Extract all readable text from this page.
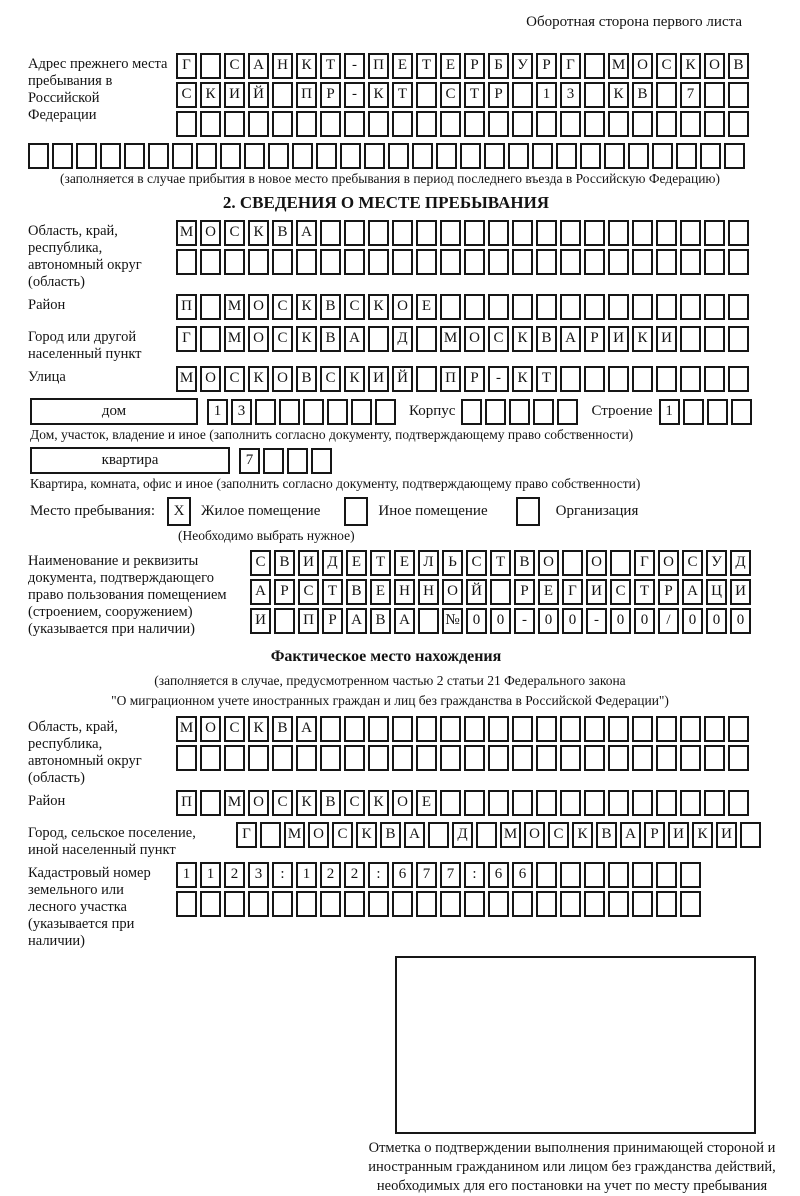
Оборотная сторона первого листа
Адрес прежнего места пребывания в Российской Федерации
Г	С А Н К Т - П Е Т Е Р Б У Р Г М О С К О В
С К И Й П Р - К Т	С Т Р	1 3	К В	7
(заполняется в случае прибытия в новое место пребывания в период последнего въезда в Российскую Федерацию)
2. СВЕДЕНИЯ О МЕСТЕ ПРЕБЫВАНИЯ
Область, край, республика, автономный округ (область)
М О С К В А
Район	П М О С К В С К О Е
Город или другой населенный пункт
Г М О С К В А Д М О С К В А Р И К И
Улица	М О С К О В С К И Й П Р - К Т
дом	1 3	Корпус	Строение 1
Дом, участок, владение и иное (заполнить согласно документу, подтверждающему право собственности)
квартира	7
Квартира, комната, офис и иное (заполнить согласно документу, подтверждающему право собственности)
Место пребывания:	X	Жилое помещение	Иное помещение	Организация
(Необходимо выбрать нужное)
Наименование и реквизиты документа, подтверждающего право пользования помещением (строением, сооружением) (указывается при наличии)
С В И Д Е Т Е Л Ь С Т В О О	Г О С У Д
А Р С Т В Е Н Н О Й	Р Е Г И С Т Р А Ц И
И П Р А В А № 0 0 - 0 0 - 0 0 / 0 0 0
Фактическое место нахождения
(заполняется в случае, предусмотренном частью 2 статьи 21 Федерального закона
"О миграционном учете иностранных граждан и лиц без гражданства в Российской Федерации")
Область, край, республика, автономный округ (область)
М О С К В А
Район	П М О С К В С К О Е
Город, сельское поселение, иной населенный пункт
Г М О С К В А Д М О С К В А Р И К И
Кадастровый номер земельного или лесного участка (указывается при наличии)
1 1 2 3 : 1 2 2 : 6 7 7 : 6 6
Отметка о подтверждении выполнения принимающей стороной и иностранным гражданином или лицом без гражданства действий, необходимых для его постановки на учет по месту пребывания
